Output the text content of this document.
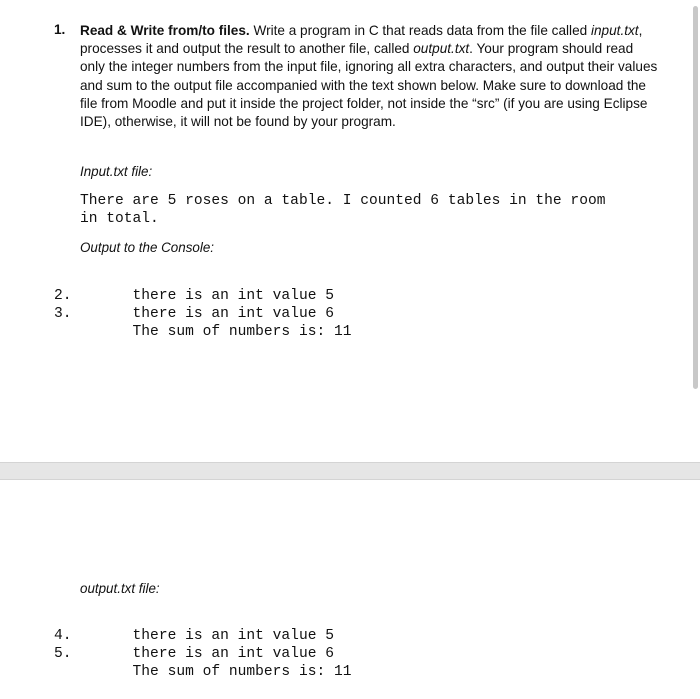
1. Read & Write from/to files. Write a program in C that reads data from the file called input.txt, processes it and output the result to another file, called output.txt. Your program should read only the integer numbers from the input file, ignoring all extra characters, and output their values and sum to the output file accompanied with the text shown below. Make sure to download the file from Moodle and put it inside the project folder, not inside the “src” (if you are using Eclipse IDE), otherwise, it will not be found by your program.
Input.txt file:
There are 5 roses on a table. I counted 6 tables in the room
in total.
Output to the Console:

2.	there is an int value 5

3.	there is an int value 6

The sum of numbers is: 11

output.txt file:

4.	there is an int value 5

5.	there is an int value 6

The sum of numbers is: 11
